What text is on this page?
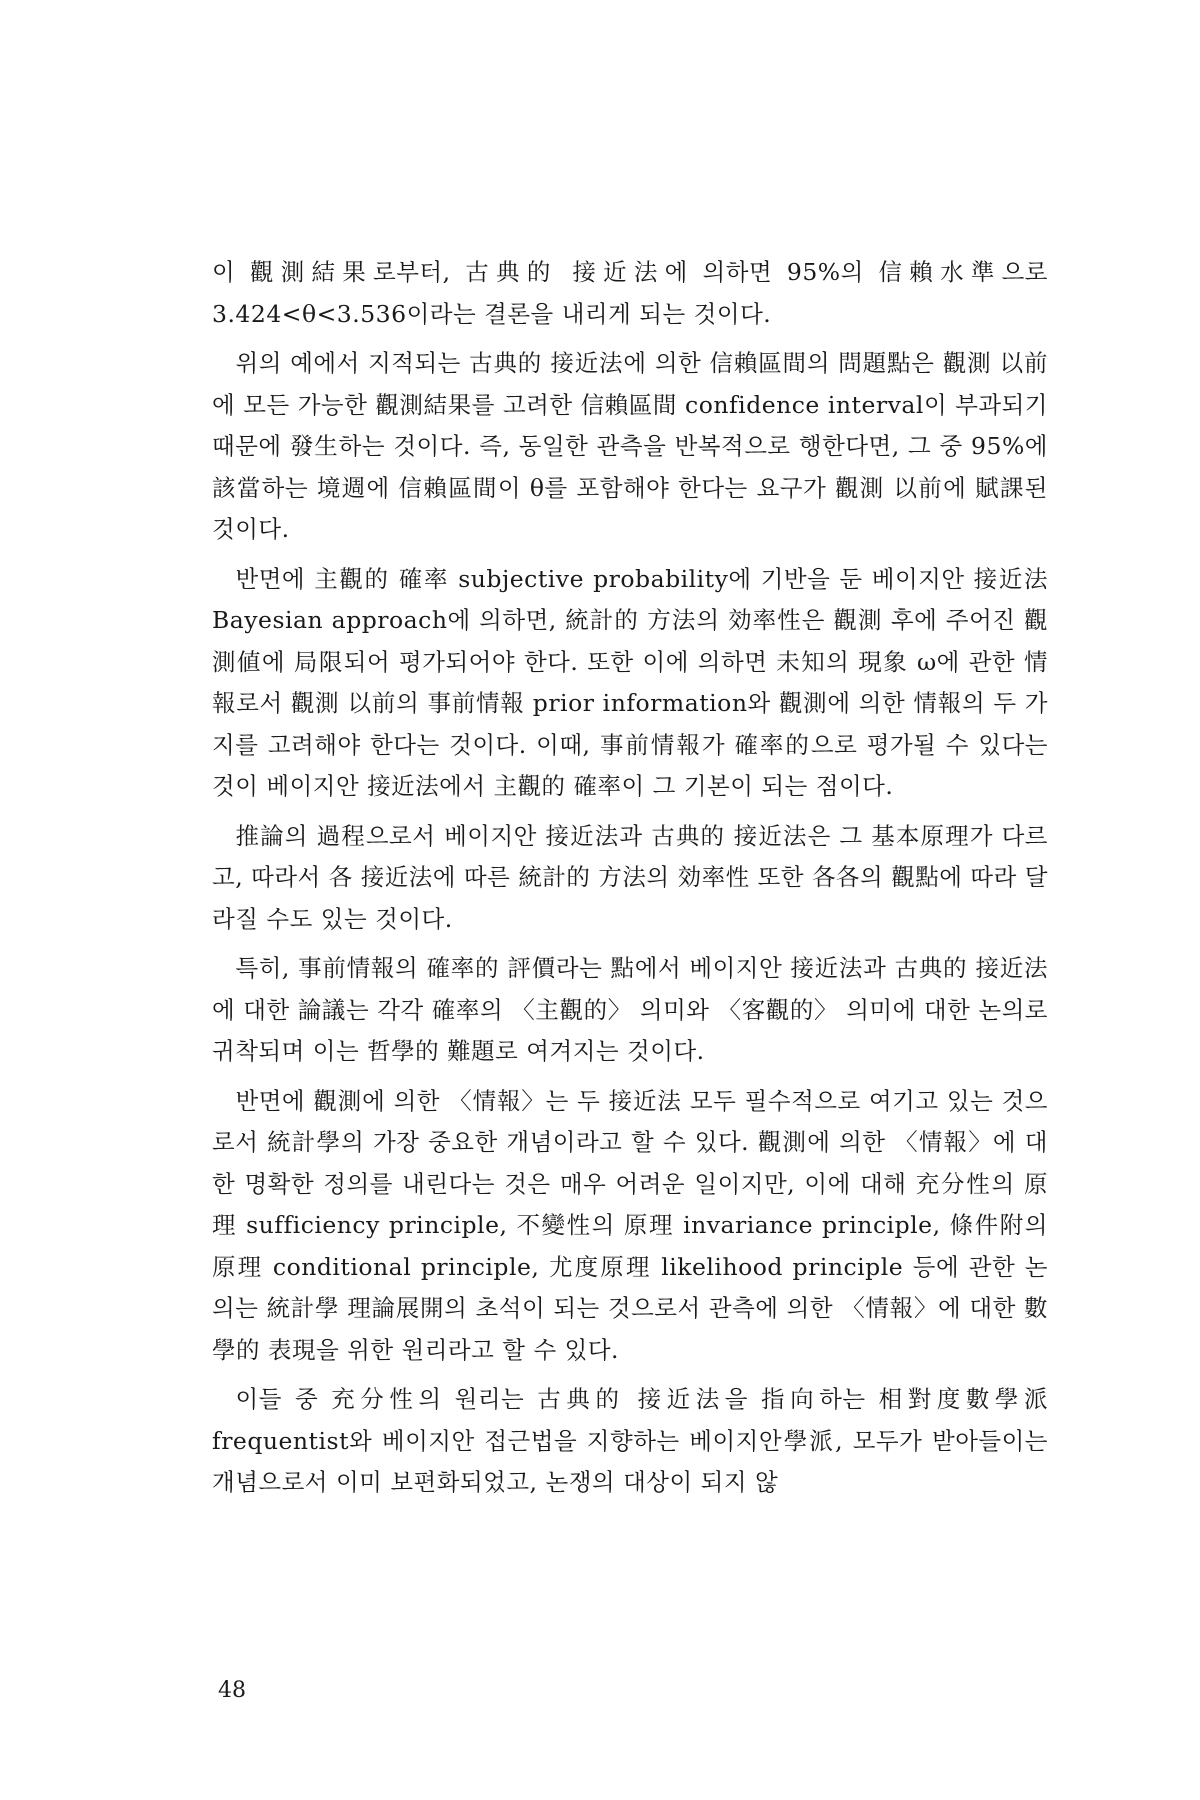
이 觀測結果로부터, 古典的 接近法에 의하면 95%의 信賴水準으로 3.424<θ<3.536이라는 결론을 내리게 되는 것이다.

위의 예에서 지적되는 古典的 接近法에 의한 信賴區間의 問題點은 觀測 以前에 모든 가능한 觀測結果를 고려한 信賴區間 confidence interval이 부과되기 때문에 發生하는 것이다. 즉, 동일한 관측을 반복적으로 행한다면, 그 중 95%에 該當하는 境週에 信賴區間이 θ를 포함해야 한다는 요구가 觀測 以前에 賦課된 것이다.

반면에 主觀的 確率 subjective probability에 기반을 둔 베이지안 接近法 Bayesian approach에 의하면, 統計的 方法의 効率性은 觀測 후에 주어진 觀測値에 局限되어 평가되어야 한다. 또한 이에 의하면 未知의 現象 ω에 관한 情報로서 觀測 以前의 事前情報 prior information와 觀測에 의한 情報의 두 가지를 고려해야 한다는 것이다. 이때, 事前情報가 確率的으로 평가될 수 있다는 것이 베이지안 接近法에서 主觀的 確率이 그 기본이 되는 점이다.

推論의 過程으로서 베이지안 接近法과 古典的 接近法은 그 基本原理가 다르고, 따라서 各 接近法에 따른 統計的 方法의 効率性 또한 各各의 觀點에 따라 달라질 수도 있는 것이다.

특히, 事前情報의 確率的 評價라는 點에서 베이지안 接近法과 古典的 接近法에 대한 論議는 각각 確率의 〈主觀的〉 의미와 〈客觀的〉 의미에 대한 논의로 귀착되며 이는 哲學的 難題로 여겨지는 것이다.

반면에 觀測에 의한 〈情報〉는 두 接近法 모두 필수적으로 여기고 있는 것으로서 統計學의 가장 중요한 개념이라고 할 수 있다. 觀測에 의한 〈情報〉에 대한 명확한 정의를 내린다는 것은 매우 어려운 일이지만, 이에 대해 充分性의 原理 sufficiency principle, 不變性의 原理 invariance principle, 條件附의 原理 conditional principle, 尤度原理 likelihood principle 등에 관한 논의는 統計學 理論展開의 초석이 되는 것으로서 관측에 의한 〈情報〉에 대한 數學的 表現을 위한 원리라고 할 수 있다.

이들 중 充分性의 원리는 古典的 接近法을 指向하는 相對度數學派 frequentist와 베이지안 접근법을 지향하는 베이지안學派, 모두가 받아들이는 개념으로서 이미 보편화되었고, 논쟁의 대상이 되지 않

48
